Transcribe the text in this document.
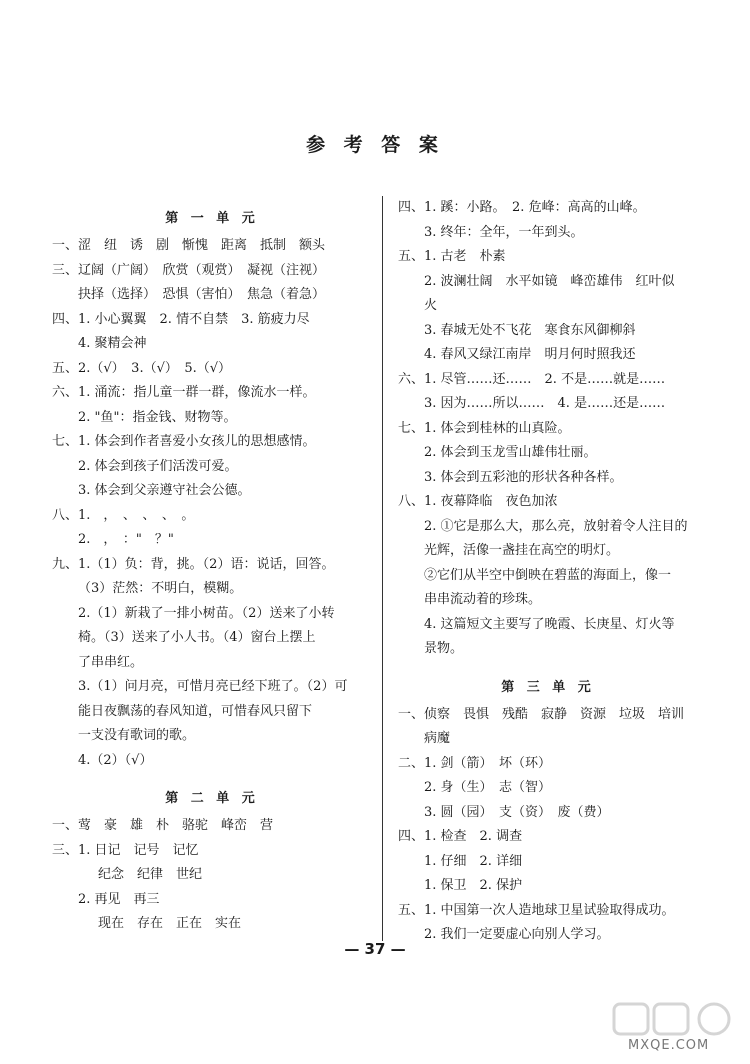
参 考 答 案
第 一 单 元
一、涩　纽　诱　剧　惭愧　距离　抵制　额头
三、辽阔（广阔）　欣赏（观赏）　凝视（注视）
抉择（选择）　恐惧（害怕）　焦急（着急）
四、1. 小心翼翼　2. 情不自禁　3. 筋疲力尽
4. 聚精会神
五、2.（√）　3.（√）　5.（√）
六、1. 涌流：指儿童一群一群，像流水一样。
2. "鱼"：指金钱、财物等。
七、1. 体会到作者喜爱小女孩儿的思想感情。
2. 体会到孩子们活泼可爱。
3. 体会到父亲遵守社会公德。
八、1.　，　、　、　、　。
2.　，　："　？"
九、1.（1）负：背，挑。（2）语：说话，回答。
（3）茫然：不明白，模糊。
2.（1）新栽了一排小树苗。（2）送来了小转
椅。（3）送来了小人书。（4）窗台上摆上
了串串红。
3.（1）问月亮，可惜月亮已经下班了。（2）可
能日夜飘荡的春风知道，可惜春风只留下
一支没有歌词的歌。
4.（2）（√）
第 二 单 元
一、莺　豪　雄　朴　骆驼　峰峦　营
三、1. 日记　记号　记忆
纪念　纪律　世纪
2. 再见　再三
现在　存在　正在　实在
四、1. 蹊：小路。　2. 危峰：高高的山峰。
3. 终年：全年，一年到头。
五、1. 古老　朴素
2. 波澜壮阔　水平如镜　峰峦雄伟　红叶似
火
3. 春城无处不飞花　寒食东风御柳斜
4. 春风又绿江南岸　明月何时照我还
六、1. 尽管……还……　2. 不是……就是……
3. 因为……所以……　4. 是……还是……
七、1. 体会到桂林的山真险。
2. 体会到玉龙雪山雄伟壮丽。
3. 体会到五彩池的形状各种各样。
八、1. 夜幕降临　夜色加浓
2. ①它是那么大，那么亮，放射着令人注目的
光辉，活像一盏挂在高空的明灯。
②它们从半空中倒映在碧蓝的海面上，像一
串串流动着的珍珠。
4. 这篇短文主要写了晚霞、长庚星、灯火等
景物。
第 三 单 元
一、侦察　畏惧　残酷　寂静　资源　垃圾　培训
病魔
二、1. 剑（箭）　坏（环）
2. 身（生）　志（智）
3. 圆（园）　支（资）　废（费）
四、1. 检查　2. 调查
1. 仔细　2. 详细
1. 保卫　2. 保护
五、1. 中国第一次人造地球卫星试验取得成功。
2. 我们一定要虚心向别人学习。
— 37 —
MXQE.COM
